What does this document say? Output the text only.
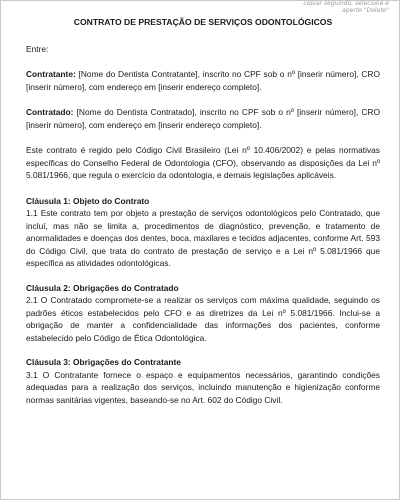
copiar seguindo, selecione e
aperte "Delete"
CONTRATO DE PRESTAÇÃO DE SERVIÇOS ODONTOLÓGICOS

Entre:

Contratante: [Nome do Dentista Contratante], inscrito no CPF sob o nº [inserir número], CRO [inserir número], com endereço em [inserir endereço completo].

Contratado: [Nome do Dentista Contratado], inscrito no CPF sob o nº [inserir número], CRO [inserir número], com endereço em [inserir endereço completo].

Este contrato é regido pelo Código Civil Brasileiro (Lei nº 10.406/2002) e pelas normativas específicas do Conselho Federal de Odontologia (CFO), observando as disposições da Lei nº 5.081/1966, que regula o exercício da odontologia, e demais legislações aplicáveis.

Cláusula 1: Objeto do Contrato

1.1 Este contrato tem por objeto a prestação de serviços odontológicos pelo Contratado, que incluí, mas não se limita a, procedimentos de diagnóstico, prevenção, e tratamento de anormalidades e doenças dos dentes, boca, maxilares e tecidos adjacentes, conforme Art. 593 do Código Civil, que trata do contrato de prestação de serviço e a Lei nº 5.081/1966 que especifica as atividades odontológicas.

Cláusula 2: Obrigações do Contratado

2.1 O Contratado compromete-se a realizar os serviços com máxima qualidade, seguindo os padrões éticos estabelecidos pelo CFO e as diretrizes da Lei nº 5.081/1966. Inclui-se a obrigação de manter a confidencialidade das informações dos pacientes, conforme estabelecido pelo Código de Ética Odontológica.

Cláusula 3: Obrigações do Contratante

3.1 O Contratante fornece o espaço e equipamentos necessários, garantindo condições adequadas para a realização dos serviços, incluindo manutenção e higienização conforme normas sanitárias vigentes, baseando-se no Art. 602 do Código Civil.
